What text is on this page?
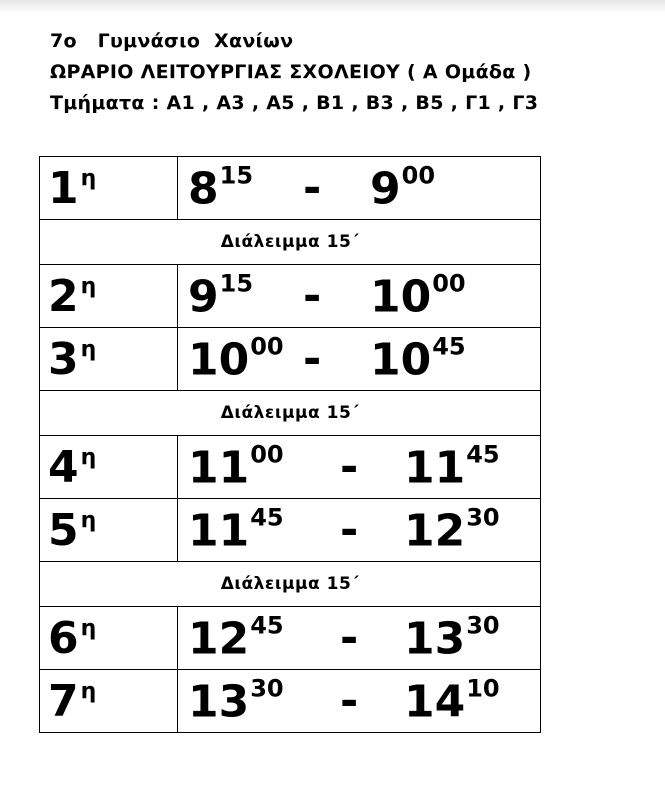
7ο   Γυμνάσιο  Χανίων
ΩΡΑΡΙΟ ΛΕΙΤΟΥΡΓΙΑΣ ΣΧΟΛΕΙΟΥ ( Α Ομάδα )
Τμήματα : Α1 , Α3 , Α5 , Β1 , Β3 , Β5 , Γ1 , Γ3
$1^\eta$	$8^{15} - 9^{00}$

Διάλειμμα 15΄	
$2^\eta$	$9^{15} - 10^{00}$

$3^\eta$	$10^{00} - 10^{45}$

Διάλειμμα 15΄	
$4^\eta$	$11^{00} - 11^{45}$

$5^\eta$	$11^{45} - 12^{30}$

Διάλειμμα 15΄	
$6^\eta$	$12^{45} - 13^{30}$

$7^\eta$	$13^{30} - 14^{10}$
